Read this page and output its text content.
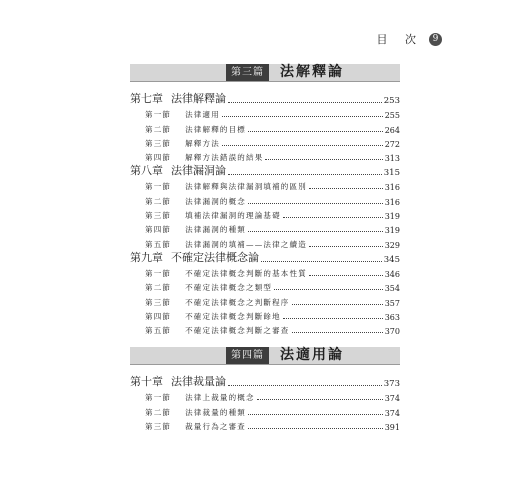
目 次	9
第三篇	法解釋論
第七章 法律解釋論	253
第一節 法律適用	255
第二節 法律解釋的目標	264
第三節 解釋方法	272
第四節 解釋方法錯誤的結果	313
第八章 法律漏洞論	315
第一節 法律解釋與法律漏洞填補的區別	316
第二節 法律漏洞的概念	316
第三節 填補法律漏洞的理論基礎	319
第四節 法律漏洞的種類	319
第五節 法律漏洞的填補——法律之續造	329
第九章 不確定法律概念論	345
第一節 不確定法律概念判斷的基本性質	346
第二節 不確定法律概念之類型	354
第三節 不確定法律概念之判斷程序	357
第四節 不確定法律概念判斷餘地	363
第五節 不確定法律概念判斷之審查	370
第四篇	法適用論
第十章 法律裁量論	373
第一節 法律上裁量的概念	374
第二節 法律裁量的種類	374
第三節 裁量行為之審查	391
